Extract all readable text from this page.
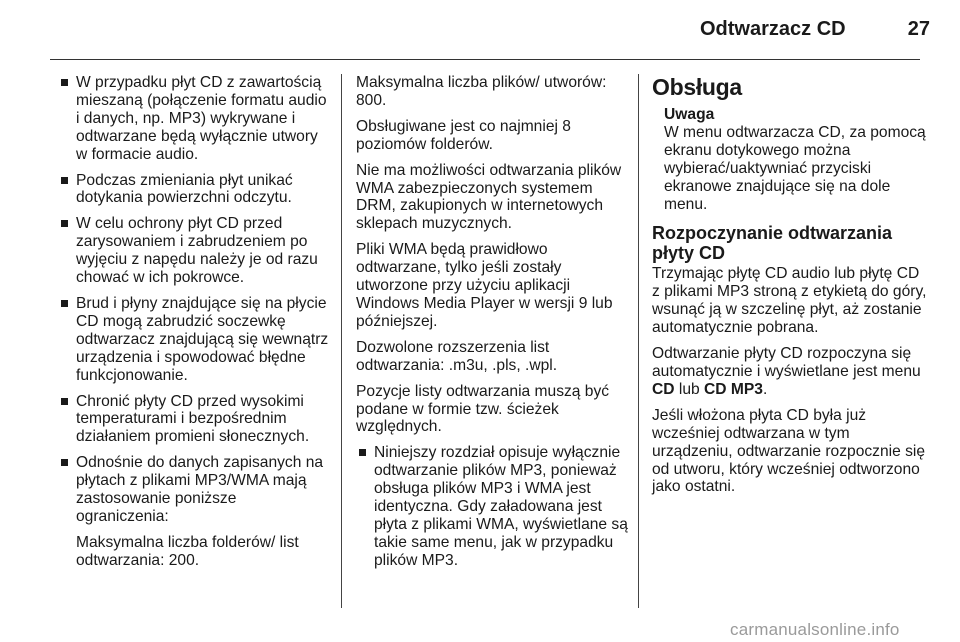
Odtwarzacz CD	27
W przypadku płyt CD z zawartością mieszaną (połączenie formatu audio i danych, np. MP3) wykrywane i odtwarzane będą wyłącznie utwory w formacie audio.
Podczas zmieniania płyt unikać dotykania powierzchni odczytu.
W celu ochrony płyt CD przed zarysowaniem i zabrudzeniem po wyjęciu z napędu należy je od razu chować w ich pokrowce.
Brud i płyny znajdujące się na płycie CD mogą zabrudzić soczewkę odtwarzacz znajdującą się wewnątrz urządzenia i spowodować błędne funkcjonowanie.
Chronić płyty CD przed wysokimi temperaturami i bezpośrednim działaniem promieni słonecznych.
Odnośnie do danych zapisanych na płytach z plikami MP3/WMA mają zastosowanie poniższe ograniczenia:
Maksymalna liczba folderów/ list odtwarzania: 200.
Maksymalna liczba plików/ utworów: 800.
Obsługiwane jest co najmniej 8 poziomów folderów.
Nie ma możliwości odtwarzania plików WMA zabezpieczonych systemem DRM, zakupionych w internetowych sklepach muzycznych.
Pliki WMA będą prawidłowo odtwarzane, tylko jeśli zostały utworzone przy użyciu aplikacji Windows Media Player w wersji 9 lub późniejszej.
Dozwolone rozszerzenia list odtwarzania: .m3u, .pls, .wpl.
Pozycje listy odtwarzania muszą być podane w formie tzw. ścieżek względnych.
Niniejszy rozdział opisuje wyłącznie odtwarzanie plików MP3, ponieważ obsługa plików MP3 i WMA jest identyczna. Gdy załadowana jest płyta z plikami WMA, wyświetlane są takie same menu, jak w przypadku plików MP3.
Obsługa
Uwaga
W menu odtwarzacza CD, za pomocą ekranu dotykowego można wybierać/uaktywniać przyciski ekranowe znajdujące się na dole menu.
Rozpoczynanie odtwarzania płyty CD
Trzymając płytę CD audio lub płytę CD z plikami MP3 stroną z etykietą do góry, wsunąć ją w szczelinę płyt, aż zostanie automatycznie pobrana.
Odtwarzanie płyty CD rozpoczyna się automatycznie i wyświetlane jest menu CD lub CD MP3.
Jeśli włożona płyta CD była już wcześniej odtwarzana w tym urządzeniu, odtwarzanie rozpocznie się od utworu, który wcześniej odtworzono jako ostatni.
carmanualsonline.info
